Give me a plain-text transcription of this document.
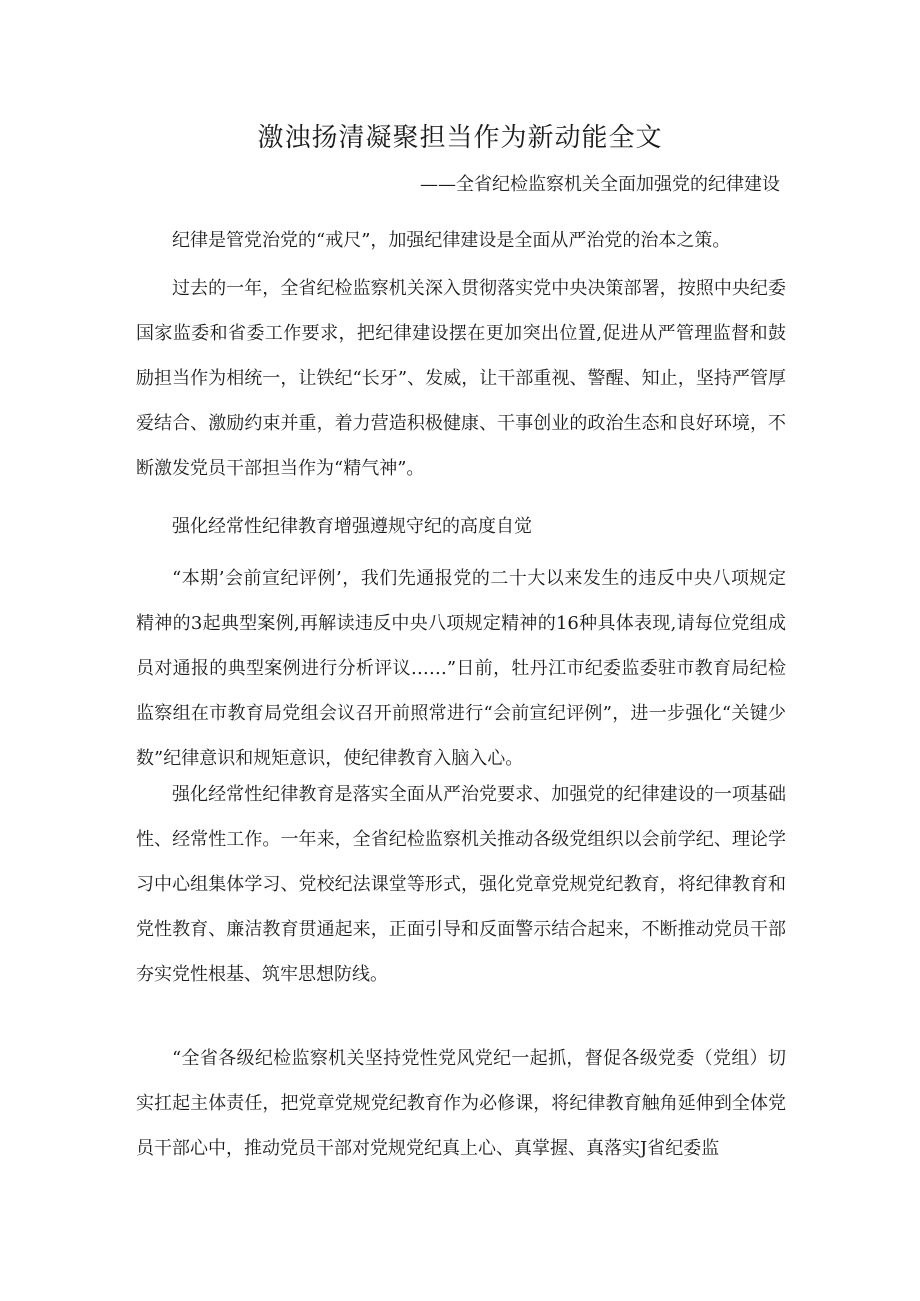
激浊扬清凝聚担当作为新动能全文

——全省纪检监察机关全面加强党的纪律建设

纪律是管党治党的“戒尺”，加强纪律建设是全面从严治党的治本之策。

过去的一年，全省纪检监察机关深入贯彻落实党中央决策部署，按照中央纪委国家监委和省委工作要求，把纪律建设摆在更加突出位置,促进从严管理监督和鼓励担当作为相统一，让铁纪“长牙”、发威，让干部重视、警醒、知止，坚持严管厚爱结合、激励约束并重，着力营造积极健康、干事创业的政治生态和良好环境，不断激发党员干部担当作为“精气神”。

强化经常性纪律教育增强遵规守纪的高度自觉

“本期’会前宣纪评例’，我们先通报党的二十大以来发生的违反中央八项规定精神的3起典型案例,再解读违反中央八项规定精神的16种具体表现,请每位党组成员对通报的典型案例进行分析评议……”日前，牡丹江市纪委监委驻市教育局纪检监察组在市教育局党组会议召开前照常进行“会前宣纪评例”，进一步强化“关键少数”纪律意识和规矩意识，使纪律教育入脑入心。

强化经常性纪律教育是落实全面从严治党要求、加强党的纪律建设的一项基础性、经常性工作。一年来，全省纪检监察机关推动各级党组织以会前学纪、理论学习中心组集体学习、党校纪法课堂等形式，强化党章党规党纪教育，将纪律教育和党性教育、廉洁教育贯通起来，正面引导和反面警示结合起来，不断推动党员干部夯实党性根基、筑牢思想防线。

“全省各级纪检监察机关坚持党性党风党纪一起抓，督促各级党委（党组）切实扛起主体责任，把党章党规党纪教育作为必修课，将纪律教育触角延伸到全体党员干部心中，推动党员干部对党规党纪真上心、真掌握、真落实J省纪委监
